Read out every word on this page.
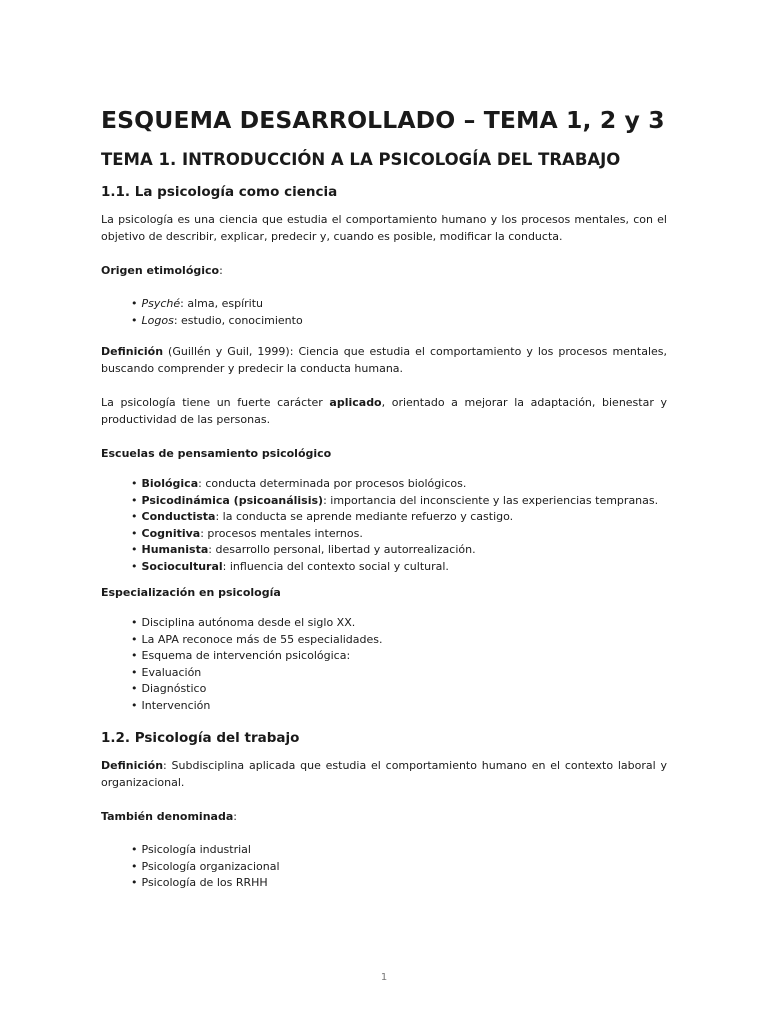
ESQUEMA DESARROLLADO – TEMA 1, 2 y 3
TEMA 1. INTRODUCCIÓN A LA PSICOLOGÍA DEL TRABAJO
1.1. La psicología como ciencia

La psicología es una ciencia que estudia el comportamiento humano y los procesos mentales, con el objetivo de describir, explicar, predecir y, cuando es posible, modificar la conducta.

Origen etimológico:

• Psyché: alma, espíritu
• Logos: estudio, conocimiento

Definición (Guillén y Guil, 1999): Ciencia que estudia el comportamiento y los procesos mentales, buscando comprender y predecir la conducta humana.

La psicología tiene un fuerte carácter aplicado, orientado a mejorar la adaptación, bienestar y productividad de las personas.

Escuelas de pensamiento psicológico

• Biológica: conducta determinada por procesos biológicos.
• Psicodinámica (psicoanálisis): importancia del inconsciente y las experiencias tempranas.
• Conductista: la conducta se aprende mediante refuerzo y castigo.
• Cognitiva: procesos mentales internos.
• Humanista: desarrollo personal, libertad y autorrealización.
• Sociocultural: influencia del contexto social y cultural.

Especialización en psicología

• Disciplina autónoma desde el siglo XX.
• La APA reconoce más de 55 especialidades.
• Esquema de intervención psicológica:
• Evaluación
• Diagnóstico
• Intervención
1.2. Psicología del trabajo

Definición: Subdisciplina aplicada que estudia el comportamiento humano en el contexto laboral y organizacional.

También denominada:

• Psicología industrial
• Psicología organizacional
• Psicología de los RRHH
1
